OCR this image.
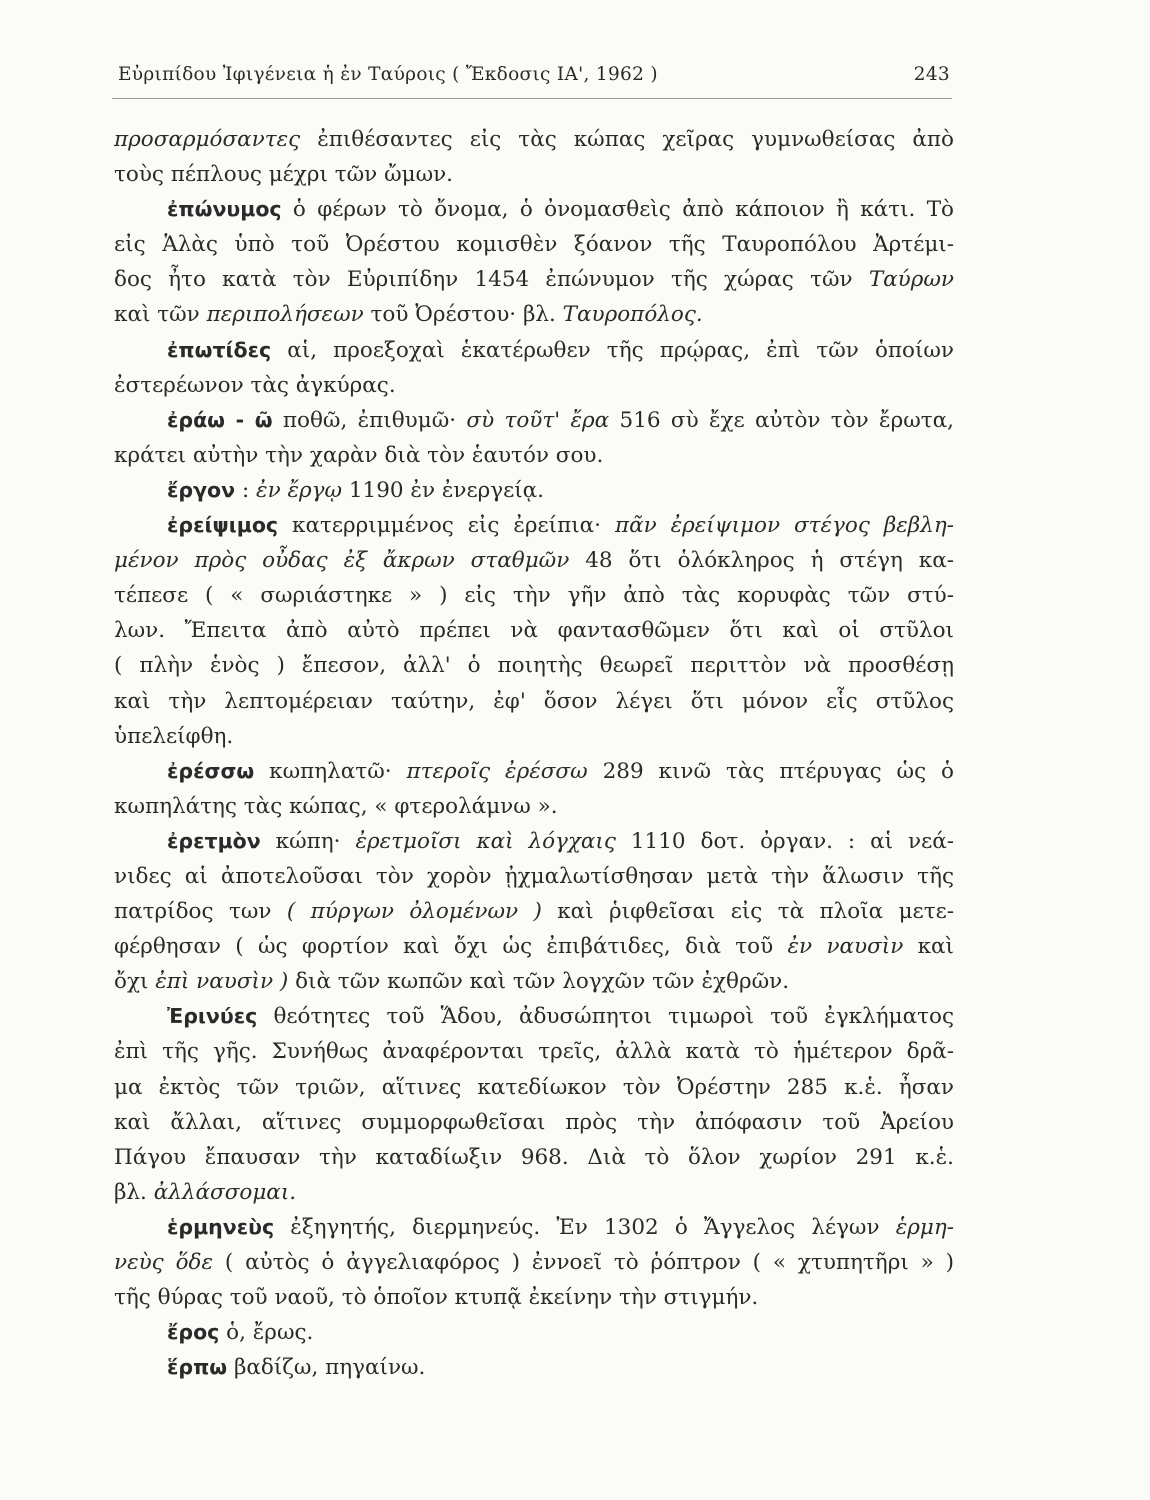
Εὐριπίδου Ἰφιγένεια ἡ ἐν Ταύροις ( Ἔκδοσις ΙΑ', 1962 )	243
προσαρμόσαντες ἐπιθέσαντες εἰς τὰς κώπας χεῖρας γυμνωθείσας ἀπὸ
τοὺς πέπλους μέχρι τῶν ὤμων.
ἐπώνυμος ὁ φέρων τὸ ὄνομα, ὁ ὀνομασθεὶς ἀπὸ κάποιον ἢ κάτι. Τὸ
εἰς Ἁλὰς ὑπὸ τοῦ Ὀρέστου κομισθὲν ξόανον τῆς Ταυροπόλου Ἀρτέμι-
δος ἦτο κατὰ τὸν Εὐριπίδην 1454 ἐπώνυμον τῆς χώρας τῶν Ταύρων
καὶ τῶν περιπολήσεων τοῦ Ὀρέστου· βλ. Ταυροπόλος.
ἐπωτίδες αἱ, προεξοχαὶ ἑκατέρωθεν τῆς πρῴρας, ἐπὶ τῶν ὁποίων
ἐστερέωνον τὰς ἀγκύρας.
ἐράω - ῶ ποθῶ, ἐπιθυμῶ· σὺ τοῦτ' ἔρα 516 σὺ ἔχε αὐτὸν τὸν ἔρωτα,
κράτει αὐτὴν τὴν χαρὰν διὰ τὸν ἑαυτόν σου.
ἔργον : ἐν ἔργῳ 1190 ἐν ἐνεργείᾳ.
ἐρείψιμος κατερριμμένος εἰς ἐρείπια· πᾶν ἐρείψιμον στέγος βεβλη-
μένον πρὸς οὖδας ἐξ ἄκρων σταθμῶν 48 ὅτι ὁλόκληρος ἡ στέγη κα-
τέπεσε ( « σωριάστηκε » ) εἰς τὴν γῆν ἀπὸ τὰς κορυφὰς τῶν στύ-
λων. Ἔπειτα ἀπὸ αὐτὸ πρέπει νὰ φαντασθῶμεν ὅτι καὶ οἱ στῦλοι
( πλὴν ἑνὸς ) ἔπεσον, ἀλλ' ὁ ποιητὴς θεωρεῖ περιττὸν νὰ προσθέσῃ
καὶ τὴν λεπτομέρειαν ταύτην, ἐφ' ὅσον λέγει ὅτι μόνον εἷς στῦλος
ὑπελείφθη.
ἐρέσσω κωπηλατῶ· πτεροῖς ἐρέσσω 289 κινῶ τὰς πτέρυγας ὡς ὁ
κωπηλάτης τὰς κώπας, « φτερολάμνω ».
ἐρετμὸν κώπη· ἐρετμοῖσι καὶ λόγχαις 1110 δοτ. ὀργαν. : αἱ νεά-
νιδες αἱ ἀποτελοῦσαι τὸν χορὸν ᾐχμαλωτίσθησαν μετὰ τὴν ἅλωσιν τῆς
πατρίδος των ( πύργων ὀλομένων ) καὶ ῥιφθεῖσαι εἰς τὰ πλοῖα μετε-
φέρθησαν ( ὡς φορτίον καὶ ὄχι ὡς ἐπιβάτιδες, διὰ τοῦ ἐν ναυσὶν καὶ
ὄχι ἐπὶ ναυσὶν ) διὰ τῶν κωπῶν καὶ τῶν λογχῶν τῶν ἐχθρῶν.
Ἐρινύες θεότητες τοῦ Ἅδου, ἀδυσώπητοι τιμωροὶ τοῦ ἐγκλήματος
ἐπὶ τῆς γῆς. Συνήθως ἀναφέρονται τρεῖς, ἀλλὰ κατὰ τὸ ἡμέτερον δρᾶ-
μα ἐκτὸς τῶν τριῶν, αἵτινες κατεδίωκον τὸν Ὀρέστην 285 κ.ἑ. ἦσαν
καὶ ἄλλαι, αἵτινες συμμορφωθεῖσαι πρὸς τὴν ἀπόφασιν τοῦ Ἀρείου
Πάγου ἔπαυσαν τὴν καταδίωξιν 968. Διὰ τὸ ὅλον χωρίον 291 κ.ἑ.
βλ. ἀλλάσσομαι.
ἑρμηνεὺς ἐξηγητής, διερμηνεύς. Ἐν 1302 ὁ Ἄγγελος λέγων ἑρμη-
νεὺς ὅδε ( αὐτὸς ὁ ἀγγελιαφόρος ) ἐννοεῖ τὸ ῥόπτρον ( « χτυπητῆρι » )
τῆς θύρας τοῦ ναοῦ, τὸ ὁποῖον κτυπᾷ ἐκείνην τὴν στιγμήν.
ἔρος ὁ, ἔρως.
ἕρπω βαδίζω, πηγαίνω.
